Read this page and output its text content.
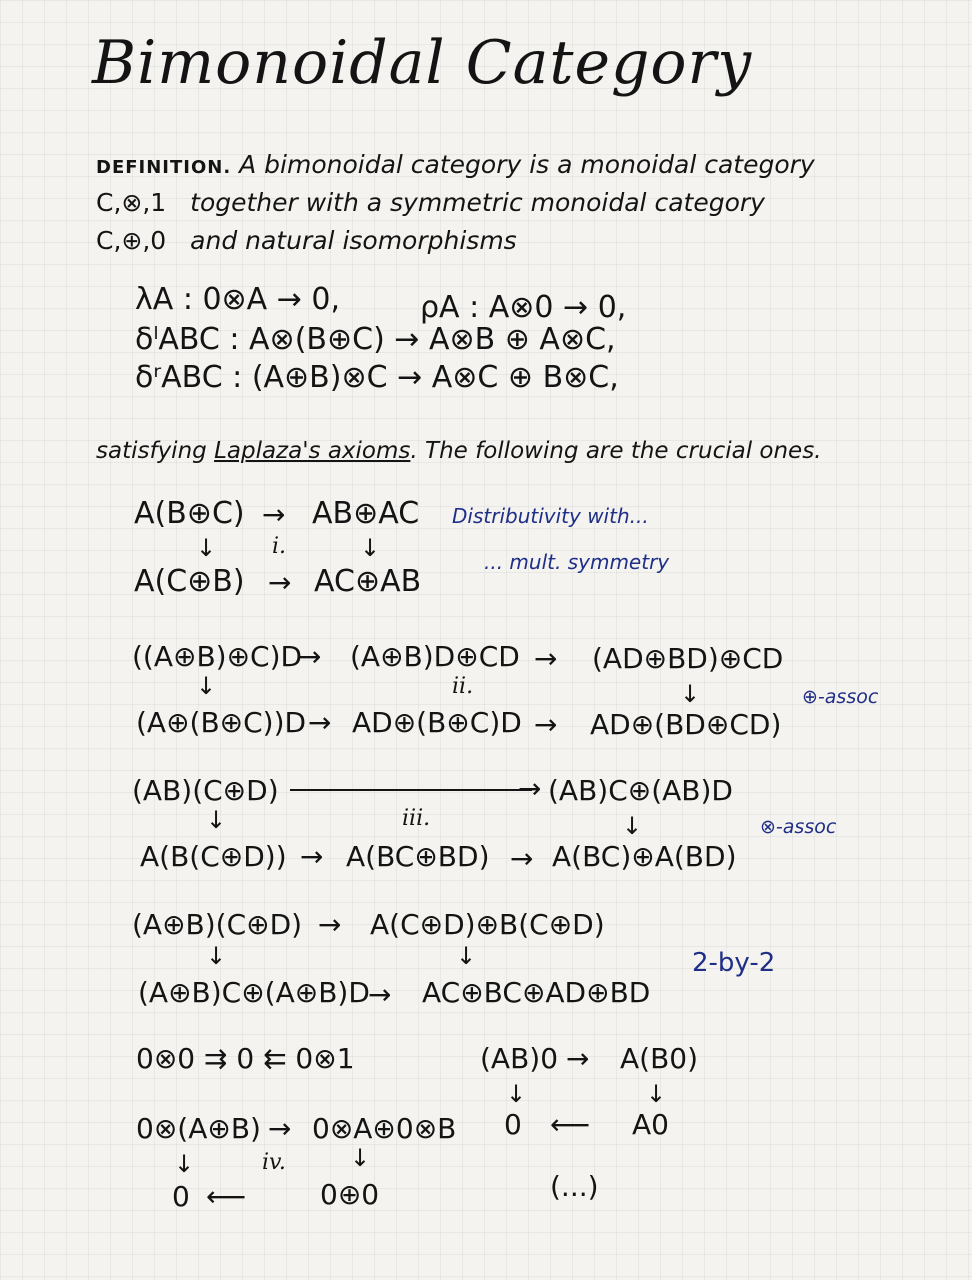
Bimonoidal Category
DEFINITION. A bimonoidal category is a monoidal category
C,⊗,1 together with a symmetric monoidal category
C,⊕,0 and natural isomorphisms
λA : 0⊗A → 0,	ρA : A⊗0 → 0,
δˡABC : A⊗(B⊕C) → A⊗B ⊕ A⊗C,
δʳABC : (A⊕B)⊗C → A⊗C ⊕ B⊗C,
satisfying Laplaza's axioms. The following are the crucial ones.
A(B⊕C) → AB⊕AC
↓	i.	↓
A(C⊕B) → AC⊕AB
Distributivity with...
... mult. symmetry
((A⊕B)⊕C)D
→ (A⊕B)D⊕CD → (AD⊕BD)⊕CD
↓	ii.	↓
(A⊕(B⊕C))D → AD⊕(B⊕C)D → AD⊕(BD⊕CD)
⊕-assoc
(AB)(C⊕D)	→ (AB)C⊕(AB)D
↓	iii.	↓
A(B(C⊕D)) → A(BC⊕BD) → A(BC)⊕A(BD)
⊗-assoc
(A⊕B)(C⊕D) → A(C⊕D)⊕B(C⊕D)
↓	↓
(A⊕B)C⊕(A⊕B)D
→ AC⊕BC⊕AD⊕BD
2-by-2
0⊗0 ⇉ 0 ⇇ 0⊗1
0⊗(A⊕B) → 0⊗A⊕0⊗B
↓	iv.	↓
0 ⟵	0⊕0
(AB)0 → A(B0)
↓	↓
0 ⟵ A0
(...)
